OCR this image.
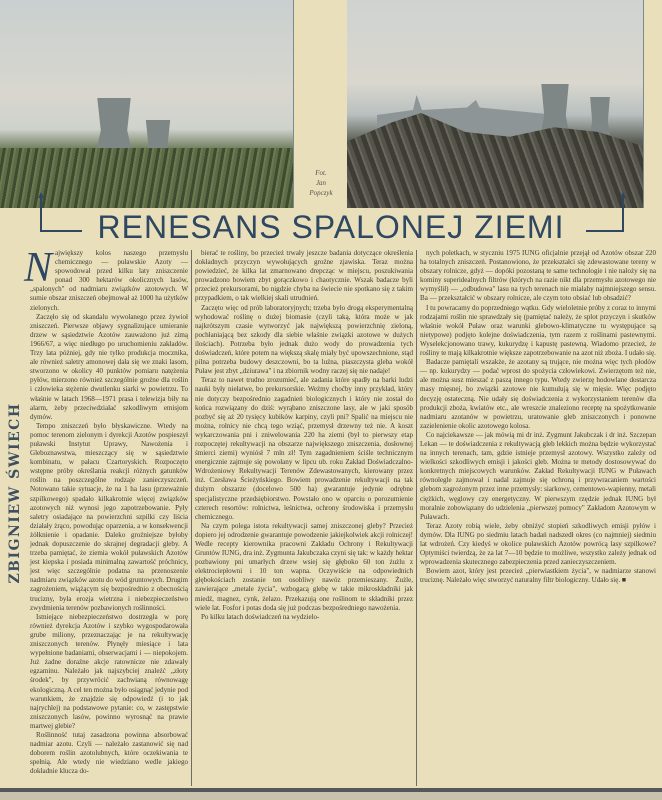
Fot.
Jan
Popczyk
RENESANS SPALONEJ ZIEMI
ZBIGNIEW ŚWIECH

Największy kolos naszego przemysłu chemicznego — puławskie Azoty — spowodował przed kilku laty zniszczenie ponad 300 hektarów okolicznych lasów, „spalonych" od nadmiaru związków azotowych. W sumie obszar zniszczeń obejmował aż 1000 ha użytków zielonych.

Zaczęło się od skandalu wywołanego przez żywioł zniszczeń. Pierwsze objawy sygnalizujące umieranie drzew w sąsiedztwie Azotów zauważono już zimą 1966/67, a więc niedługo po uruchomieniu zakładów. Trzy lata później, gdy nie tylko produkcja mocznika, ale również saletry amonowej dała się we znaki lasom, stworzono w okolicy 40 punktów pomiaru natężenia pyłów, mierzono również szczególnie groźne dla roślin i człowieka stężenie dwutlenku siarki w powietrzu. To właśnie w latach 1968—1971 prasa i telewizja biły na alarm, żeby przeciwdziałać szkodliwym emisjom dymów.

Tempo zniszczeń było błyskawiczne. Wtedy na pomoc terenom zielonym i dyrekcji Azotów pospieszył puławski Instytut Uprawy, Nawożenia i Gleboznawstwa, mieszczący się w sąsiedztwie kombinatu, w pałacu Czartoryskich. Rozpoczęto wstępne próby określania reakcji różnych gatunków roślin na poszczególne rodzaje zanieczyszczeń. Notowano takie sytuacje, że na 1 ha lasu (przeważnie szpilkowego) spadało kilkakrotnie więcej związków azotowych niż wynosi jego zapotrzebowanie. Pyły saletry osiadające na powierzchni szpilki czy liścia działały żrąco, powodując oparzenia, a w konsekwencji żółknienie i opadanie. Daleko groźniejsze byłoby jednak dopuszczenie do skrajnej degradacji gleby. A trzeba pamiętać, że ziemia wokół puławskich Azotów jest kiepska i posiada minimalną zawartość próchnicy, jest więc szczególnie podatna na przenoszenie nadmiaru związków azotu do wód gruntowych. Drugim zagrożeniem, wiążącym się bezpośrednio z obecnością trucizny, była erozja wietrzna i niebezpieczeństwo zwydmienia terenów pozbawionych roślinności.

Istniejące niebezpieczeństwo dostrzegła w porę również dyrekcja Azotów i szybko wygospodarowała grube miliony, przeznaczając je na rekultywację zniszczonych terenów. Płynęły miesiące i lata wypełnione badaniami, obserwacjami i — niepokojem. Już żadne doraźne akcje ratownicze nie zdawały egzaminu. Należało jak najszybciej znaleźć „złoty środek", by przywrócić zachwianą równowagę ekologiczną. A cel ten można było osiągnąć jedynie pod warunkiem, że znajdzie się odpowiedź (i to jak najrychlej) na podstawowe pytanie: co, w zastępstwie zniszczonych lasów, powinno wyrosnąć na prawie martwej glebie?

Roślinność tutaj zasadzona powinna absorbować nadmiar azotu. Czyli — należało zastanowić się nad doborem roślin azotolubnych, które oczekiwania te spełnią. Ale wtedy nie wiedziano wedle jakiego dokładnie klucza do-

bierać te rośliny, bo przecież trwały jeszcze badania dotyczące określenia dokładnych przyczyn wywołujących groźne zjawiska. Teraz można powiedzieć, że kilka lat zmarnowano drepcząc w miejscu, poszukiwania prowadzono bowiem zbyt gorączkowo i chaotycznie. Wszak badacze byli przecież prekursorami, bo nigdzie chyba na świecie nie spotkano się z takim przypadkiem, o tak wielkiej skali utrudnień.

Zaczęto więc od prób laboratoryjnych; trzeba było drogą eksperymentalną wyhodować roślinę o dużej biomasie (czyli taką, która może w jak najkrótszym czasie wytworzyć jak największą powierzchnię zieloną, pochłaniającą bez szkody dla siebie właśnie związki azotowe w dużych ilościach). Potrzeba było jednak dużo wody do prowadzenia tych doświadczeń, które potem na większą skalę miały być upowszechnione, stąd pilna potrzeba budowy deszczowni, bo ta luźna, piaszczysta gleba wokół Puław jest zbyt „dziurawa" i na zbiornik wodny raczej się nie nadaje!

Teraz to nawet trudno zrozumieć, ale zadania które spadły na barki ludzi nauki były niełatwe, bo prekursorskie. Weźmy choćby inny przykład, który nie dotyczy bezpośrednio zagadnień biologicznych i który nie został do końca rozwiązany do dziś: wyrąbano zniszczone lasy, ale w jaki sposób pozbyć się aż 20 tysięcy kubików karpiny, czyli pni? Spalić na miejscu nie można, rolnicy nie chcą tego wziąć, przemysł drzewny też nie. A koszt wykarczowania pni i zniwelowania 220 ha ziemi (był to pierwszy etap rozpoczętej rekultywacji na obszarze największego zniszczenia, dosłownej śmierci ziemi) wyniósł 7 mln zł! Tym zagadnieniem ściśle technicznym energicznie zajmuje się powołany w lipcu ub. roku Zakład Doświadczalno-Wdrożeniowy Rekultywacji Terenów Zdewastowanych, kierowany przez inż. Czesława Ścieżyńskiego. Bowiem prowadzenie rekultywacji na tak dużym obszarze (docelowo 500 ha) gwarantuje jedynie odrębne specjalistyczne przedsiębiorstwo. Powstało ono w oparciu o porozumienie czterech resortów: rolnictwa, leśnictwa, ochrony środowiska i przemysłu chemicznego.

Na czym polega istota rekultywacji samej zniszczonej gleby? Przecież dopiero jej odrodzenie gwarantuje powodzenie jakiejkolwiek akcji rolniczej! Wedle recepty kierownika pracowni Zakładu Ochrony i Rekultywacji Gruntów IUNG, dra inż. Zygmunta Jakubczaka czyni się tak: w każdy hektar pozbawiony pni umarłych drzew wsiej się głęboko 60 ton żużlu z elektrociepłowni i 10 ton wapna. Oczywiście na odpowiednich głębokościach zostanie ten osobliwy nawóz przemieszany. Żużle, zawierające „metale życia", wzbogacą glebę w takie mikroskładniki jak miedź, magnez, cynk, żelazo. Przekazują one roślinom te składniki przez wiele lat. Fosfor i potas doda się już podczas bezpośredniego nawożenia.

Po kilku latach doświadczeń na wydzielo-

nych poletkach, w styczniu 1975 IUNG oficjalnie przejął od Azotów obszar 220 ha totalnych zniszczeń. Postanowiono, że przekształci się zdewastowane tereny w obszary rolnicze, gdyż — dopóki pozostaną te same technologie i nie nałoży się na kominy superidealnych filtrów (których na razie nikt dla przemysłu azotowego nie wymyślił) — „odbudowa" lasu na tych terenach nie miałaby najmniejszego sensu. Ba — przekształcić w obszary rolnicze, ale czym toto obsiać lub obsadzić?

I tu powracamy do poprzedniego wątku. Gdy wieloletnie próby z coraz to innymi rodzajami roślin nie sprawdzały się (pamiętać należy, że splot przyczyn i skutków właśnie wokół Puław oraz warunki glebowo-klimatyczne tu występujące są nietypowe) podjęto kolejne doświadczenia, tym razem z roślinami pastewnymi. Wyselekcjonowano trawy, kukurydzę i kapustę pastewną. Wiadomo przecież, że rośliny te mają kilkakrotnie większe zapotrzebowanie na azot niż zboża. I udało się.

Badacze pamiętali wszakże, że azotany są trujące, nie można więc tych płodów — np. kukurydzy — podać wprost do spożycia człowiekowi. Zwierzętom też nie, ale można susz mieszać z paszą innego typu. Wtedy zwierzę hodowlane dostarcza masy mięsnej, bo związki azotowe nie kumulują się w mięsie. Więc podjęto decyzję ostateczną. Nie udały się doświadczenia z wykorzystaniem terenów dla produkcji zboża, kwiatów etc., ale wreszcie znaleziono receptę na spożytkowanie nadmiaru azotanów w powietrzu, uratowanie gleb zniszczonych i ponowne zazielenienie okolic azotowego kolosa.

Co najciekawsze — jak mówią mi dr inż. Zygmunt Jakubczak i dr inż. Szczepan Lekan — te doświadczenia z rekultywacją gleb lekkich można będzie wykorzystać na innych terenach, tam, gdzie istnieje przemysł azotowy. Wszystko zależy od wielkości szkodliwych emisji i jakości gleb. Można te metody dostosowywać do konkretnych miejscowych warunków. Zakład Rekultywacji IUNG w Puławach równolegle zajmował i nadal zajmuje się ochroną i przywracaniem wartości glebom zagrożonym przez inne przemysły: siarkowy, cementowo-wapienny, metali ciężkich, węglowy czy energetyczny. W pierwszym rzędzie jednak IUNG był moralnie zobowiązany do udzielenia „pierwszej pomocy" Zakładom Azotowym w Puławach.

Teraz Azoty robią wiele, żeby obniżyć stopień szkodliwych emisji pyłów i dymów. Dla IUNG po siedmiu latach badań nadszedł okres (co najmniej) siedmiu lat wdrożeń. Czy kiedyś w okolice puławskich Azotów powrócą lasy szpilkowe? Optymiści twierdzą, że za lat 7—10 będzie to możliwe, wszystko zależy jednak od wprowadzenia skutecznego zabezpieczenia przed zanieczyszczeniem.

Bowiem azot, który jest przecież „pierwiastkiem życia", w nadmiarze stanowi truciznę. Należało więc stworzyć naturalny filtr biologiczny. Udało się. ■
